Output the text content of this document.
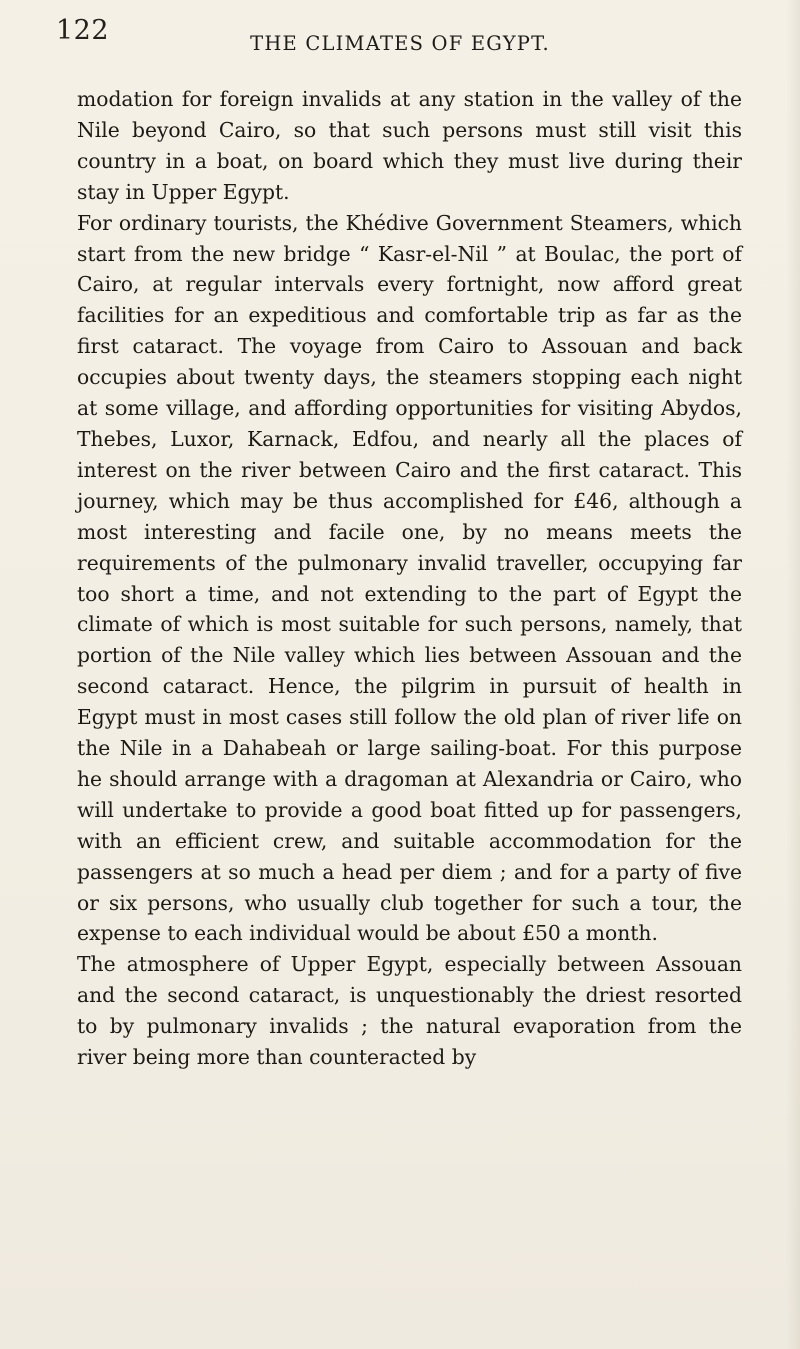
122	THE CLIMATES OF EGYPT.

modation for foreign invalids at any station in the valley of the Nile beyond Cairo, so that such persons must still visit this country in a boat, on board which they must live during their stay in Upper Egypt.

For ordinary tourists, the Khédive Government Steamers, which start from the new bridge “ Kasr-el-Nil ” at Boulac, the port of Cairo, at regular intervals every fortnight, now afford great facilities for an expeditious and comfortable trip as far as the first cataract. The voyage from Cairo to Assouan and back occupies about twenty days, the steamers stopping each night at some village, and affording opportunities for visiting Abydos, Thebes, Luxor, Karnack, Edfou, and nearly all the places of interest on the river between Cairo and the first cataract. This journey, which may be thus accomplished for £46, although a most interesting and facile one, by no means meets the requirements of the pulmonary invalid traveller, occupying far too short a time, and not extending to the part of Egypt the climate of which is most suitable for such persons, namely, that portion of the Nile valley which lies between Assouan and the second cataract. Hence, the pilgrim in pursuit of health in Egypt must in most cases still follow the old plan of river life on the Nile in a Dahabeah or large sailing-boat. For this purpose he should arrange with a dragoman at Alexandria or Cairo, who will undertake to provide a good boat fitted up for passengers, with an efficient crew, and suitable accommodation for the passengers at so much a head per diem ; and for a party of five or six persons, who usually club together for such a tour, the expense to each individual would be about £50 a month.

The atmosphere of Upper Egypt, especially between Assouan and the second cataract, is unquestionably the driest resorted to by pulmonary invalids ; the natural evaporation from the river being more than counteracted by
